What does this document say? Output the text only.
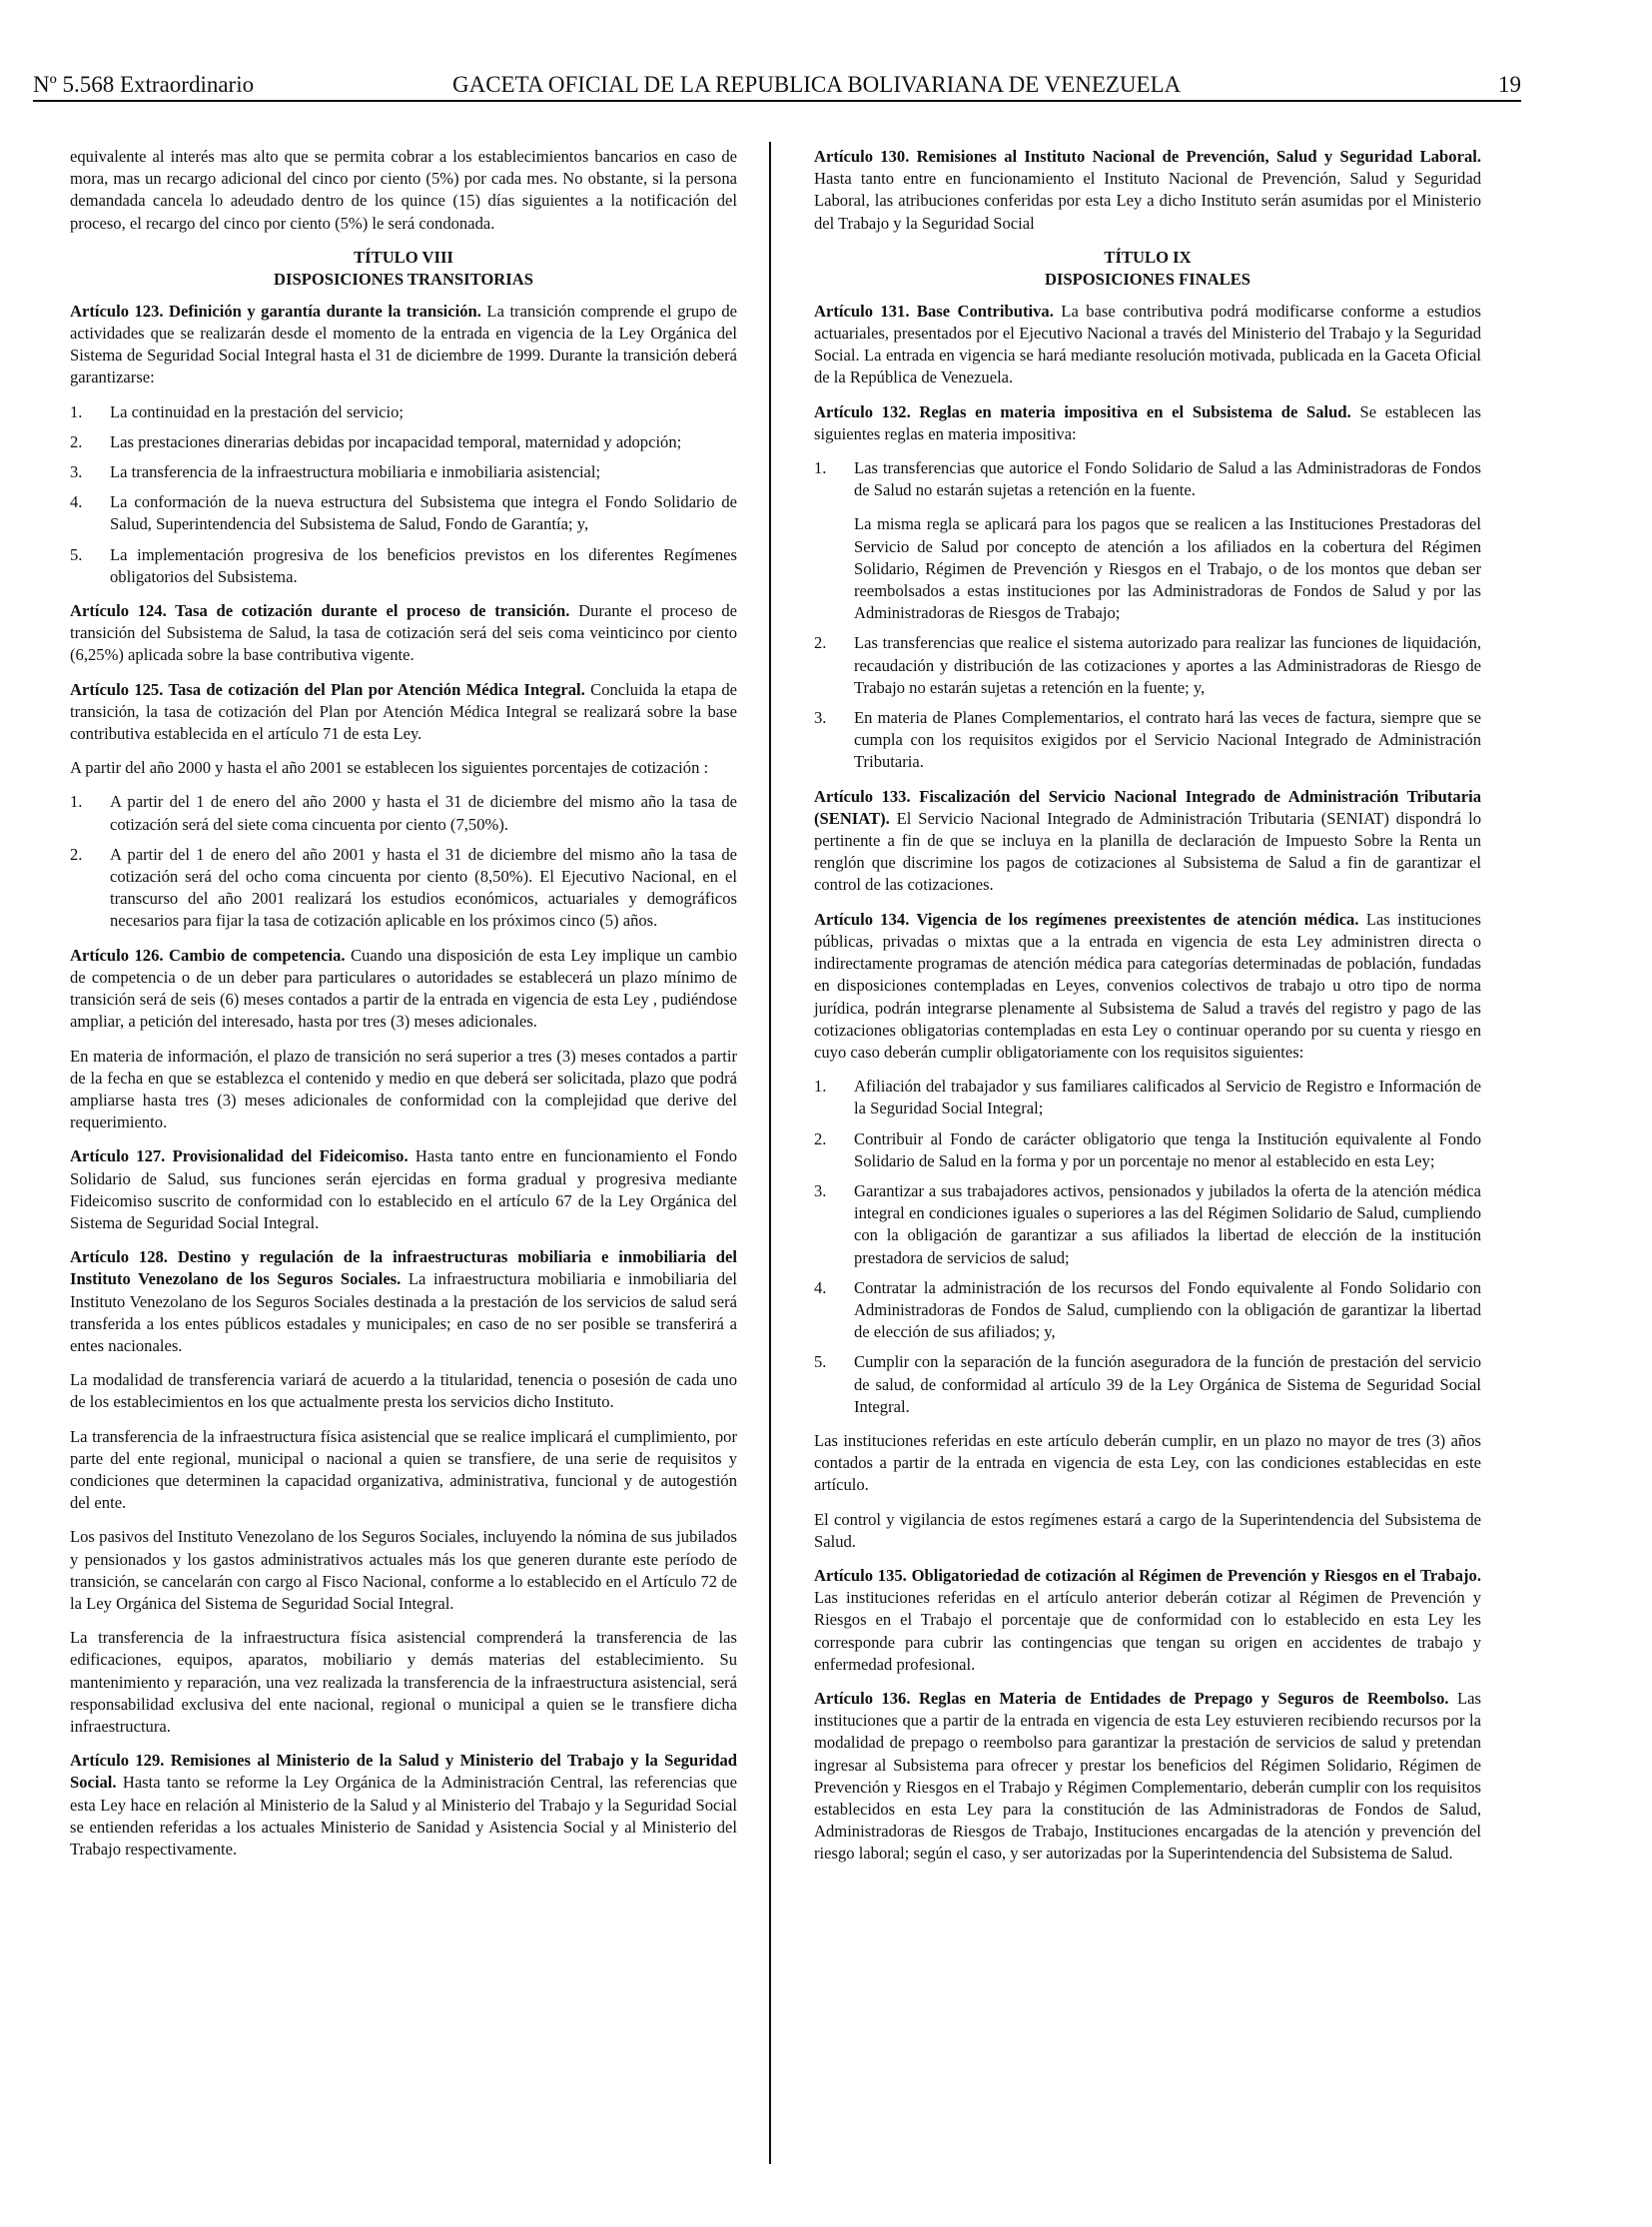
Nº 5.568 Extraordinario	GACETA OFICIAL DE LA REPUBLICA BOLIVARIANA DE VENEZUELA	19

equivalente al interés mas alto que se permita cobrar a los establecimientos bancarios en caso de mora, mas un recargo adicional del cinco por ciento (5%) por cada mes. No obstante, si la persona demandada cancela lo adeudado dentro de los quince (15) días siguientes a la notificación del proceso, el recargo del cinco por ciento (5%) le será condonada.

TÍTULO VIII
DISPOSICIONES TRANSITORIAS

Artículo 123. Definición y garantía durante la transición. La transición comprende el grupo de actividades que se realizarán desde el momento de la entrada en vigencia de la Ley Orgánica del Sistema de Seguridad Social Integral hasta el 31 de diciembre de 1999. Durante la transición deberá garantizarse:

1.	La continuidad en la prestación del servicio;
2.	Las prestaciones dinerarias debidas por incapacidad temporal, maternidad y adopción;
3.	La transferencia de la infraestructura mobiliaria e inmobiliaria asistencial;
4.	La conformación de la nueva estructura del Subsistema que integra el Fondo Solidario de Salud, Superintendencia del Subsistema de Salud, Fondo de Garantía; y,
5.	La implementación progresiva de los beneficios previstos en los diferentes Regímenes obligatorios del Subsistema.

Artículo 124. Tasa de cotización durante el proceso de transición. Durante el proceso de transición del Subsistema de Salud, la tasa de cotización será del seis coma veinticinco por ciento (6,25%) aplicada sobre la base contributiva vigente.

Artículo 125. Tasa de cotización del Plan por Atención Médica Integral. Concluida la etapa de transición, la tasa de cotización del Plan por Atención Médica Integral se realizará sobre la base contributiva establecida en el artículo 71 de esta Ley.

A partir del año 2000 y hasta el año 2001 se establecen los siguientes porcentajes de cotización :

1.	A partir del 1 de enero del año 2000 y hasta el 31 de diciembre del mismo año la tasa de cotización será del siete coma cincuenta por ciento (7,50%).
2.	A partir del 1 de enero del año 2001 y hasta el 31 de diciembre del mismo año la tasa de cotización será del ocho coma cincuenta por ciento (8,50%). El Ejecutivo Nacional, en el transcurso del año 2001 realizará los estudios económicos, actuariales y demográficos necesarios para fijar la tasa de cotización aplicable en los próximos cinco (5) años.

Artículo 126. Cambio de competencia. Cuando una disposición de esta Ley implique un cambio de competencia o de un deber para particulares o autoridades se establecerá un plazo mínimo de transición será de seis (6) meses contados a partir de la entrada en vigencia de esta Ley , pudiéndose ampliar, a petición del interesado, hasta por tres (3) meses adicionales.

En materia de información, el plazo de transición no será superior a tres (3) meses contados a partir de la fecha en que se establezca el contenido y medio en que deberá ser solicitada, plazo que podrá ampliarse hasta tres (3) meses adicionales de conformidad con la complejidad que derive del requerimiento.

Artículo 127. Provisionalidad del Fideicomiso. Hasta tanto entre en funcionamiento el Fondo Solidario de Salud, sus funciones serán ejercidas en forma gradual y progresiva mediante Fideicomiso suscrito de conformidad con lo establecido en el artículo 67 de la Ley Orgánica del Sistema de Seguridad Social Integral.

Artículo 128. Destino y regulación de la infraestructuras mobiliaria e inmobiliaria del Instituto Venezolano de los Seguros Sociales. La infraestructura mobiliaria e inmobiliaria del Instituto Venezolano de los Seguros Sociales destinada a la prestación de los servicios de salud será transferida a los entes públicos estadales y municipales; en caso de no ser posible se transferirá a entes nacionales.

La modalidad de transferencia variará de acuerdo a la titularidad, tenencia o posesión de cada uno de los establecimientos en los que actualmente presta los servicios dicho Instituto.

La transferencia de la infraestructura física asistencial que se realice implicará el cumplimiento, por parte del ente regional, municipal o nacional a quien se transfiere, de una serie de requisitos y condiciones que determinen la capacidad organizativa, administrativa, funcional y de autogestión del ente.

Los pasivos del Instituto Venezolano de los Seguros Sociales, incluyendo la nómina de sus jubilados y pensionados y los gastos administrativos actuales más los que generen durante este período de transición, se cancelarán con cargo al Fisco Nacional, conforme a lo establecido en el Artículo 72 de la Ley Orgánica del Sistema de Seguridad Social Integral.

La transferencia de la infraestructura física asistencial comprenderá la transferencia de las edificaciones, equipos, aparatos, mobiliario y demás materias del establecimiento. Su mantenimiento y reparación, una vez realizada la transferencia de la infraestructura asistencial, será responsabilidad exclusiva del ente nacional, regional o municipal a quien se le transfiere dicha infraestructura.

Artículo 129. Remisiones al Ministerio de la Salud y Ministerio del Trabajo y la Seguridad Social. Hasta tanto se reforme la Ley Orgánica de la Administración Central, las referencias que esta Ley hace en relación al Ministerio de la Salud y al Ministerio del Trabajo y la Seguridad Social se entienden referidas a los actuales Ministerio de Sanidad y Asistencia Social y al Ministerio del Trabajo respectivamente.

Artículo 130. Remisiones al Instituto Nacional de Prevención, Salud y Seguridad Laboral. Hasta tanto entre en funcionamiento el Instituto Nacional de Prevención, Salud y Seguridad Laboral, las atribuciones conferidas por esta Ley a dicho Instituto serán asumidas por el Ministerio del Trabajo y la Seguridad Social

TÍTULO IX
DISPOSICIONES FINALES

Artículo 131. Base Contributiva. La base contributiva podrá modificarse conforme a estudios actuariales, presentados por el Ejecutivo Nacional a través del Ministerio del Trabajo y la Seguridad Social. La entrada en vigencia se hará mediante resolución motivada, publicada en la Gaceta Oficial de la República de Venezuela.

Artículo 132. Reglas en materia impositiva en el Subsistema de Salud. Se establecen las siguientes reglas en materia impositiva:

1.	Las transferencias que autorice el Fondo Solidario de Salud a las Administradoras de Fondos de Salud no estarán sujetas a retención en la fuente.
La misma regla se aplicará para los pagos que se realicen a las Instituciones Prestadoras del Servicio de Salud por concepto de atención a los afiliados en la cobertura del Régimen Solidario, Régimen de Prevención y Riesgos en el Trabajo, o de los montos que deban ser reembolsados a estas instituciones por las Administradoras de Fondos de Salud y por las Administradoras de Riesgos de Trabajo;
2.	Las transferencias que realice el sistema autorizado para realizar las funciones de liquidación, recaudación y distribución de las cotizaciones y aportes a las Administradoras de Riesgo de Trabajo no estarán sujetas a retención en la fuente; y,
3.	En materia de Planes Complementarios, el contrato hará las veces de factura, siempre que se cumpla con los requisitos exigidos por el Servicio Nacional Integrado de Administración Tributaria.

Artículo 133. Fiscalización del Servicio Nacional Integrado de Administración Tributaria (SENIAT). El Servicio Nacional Integrado de Administración Tributaria (SENIAT) dispondrá lo pertinente a fin de que se incluya en la planilla de declaración de Impuesto Sobre la Renta un renglón que discrimine los pagos de cotizaciones al Subsistema de Salud a fin de garantizar el control de las cotizaciones.

Artículo 134. Vigencia de los regímenes preexistentes de atención médica. Las instituciones públicas, privadas o mixtas que a la entrada en vigencia de esta Ley administren directa o indirectamente programas de atención médica para categorías determinadas de población, fundadas en disposiciones contempladas en Leyes, convenios colectivos de trabajo u otro tipo de norma jurídica, podrán integrarse plenamente al Subsistema de Salud a través del registro y pago de las cotizaciones obligatorias contempladas en esta Ley o continuar operando por su cuenta y riesgo en cuyo caso deberán cumplir obligatoriamente con los requisitos siguientes:

1.	Afiliación del trabajador y sus familiares calificados al Servicio de Registro e Información de la Seguridad Social Integral;
2.	Contribuir al Fondo de carácter obligatorio que tenga la Institución equivalente al Fondo Solidario de Salud en la forma y por un porcentaje no menor al establecido en esta Ley;
3.	Garantizar a sus trabajadores activos, pensionados y jubilados la oferta de la atención médica integral en condiciones iguales o superiores a las del Régimen Solidario de Salud, cumpliendo con la obligación de garantizar a sus afiliados la libertad de elección de la institución prestadora de servicios de salud;
4.	Contratar la administración de los recursos del Fondo equivalente al Fondo Solidario con Administradoras de Fondos de Salud, cumpliendo con la obligación de garantizar la libertad de elección de sus afiliados; y,
5.	Cumplir con la separación de la función aseguradora de la función de prestación del servicio de salud, de conformidad al artículo 39 de la Ley Orgánica de Sistema de Seguridad Social Integral.

Las instituciones referidas en este artículo deberán cumplir, en un plazo no mayor de tres (3) años contados a partir de la entrada en vigencia de esta Ley, con las condiciones establecidas en este artículo.

El control y vigilancia de estos regímenes estará a cargo de la Superintendencia del Subsistema de Salud.

Artículo 135. Obligatoriedad de cotización al Régimen de Prevención y Riesgos en el Trabajo. Las instituciones referidas en el artículo anterior deberán cotizar al Régimen de Prevención y Riesgos en el Trabajo el porcentaje que de conformidad con lo establecido en esta Ley les corresponde para cubrir las contingencias que tengan su origen en accidentes de trabajo y enfermedad profesional.

Artículo 136. Reglas en Materia de Entidades de Prepago y Seguros de Reembolso. Las instituciones que a partir de la entrada en vigencia de esta Ley estuvieren recibiendo recursos por la modalidad de prepago o reembolso para garantizar la prestación de servicios de salud y pretendan ingresar al Subsistema para ofrecer y prestar los beneficios del Régimen Solidario, Régimen de Prevención y Riesgos en el Trabajo y Régimen Complementario, deberán cumplir con los requisitos establecidos en esta Ley para la constitución de las Administradoras de Fondos de Salud, Administradoras de Riesgos de Trabajo, Instituciones encargadas de la atención y prevención del riesgo laboral; según el caso, y ser autorizadas por la Superintendencia del Subsistema de Salud.
